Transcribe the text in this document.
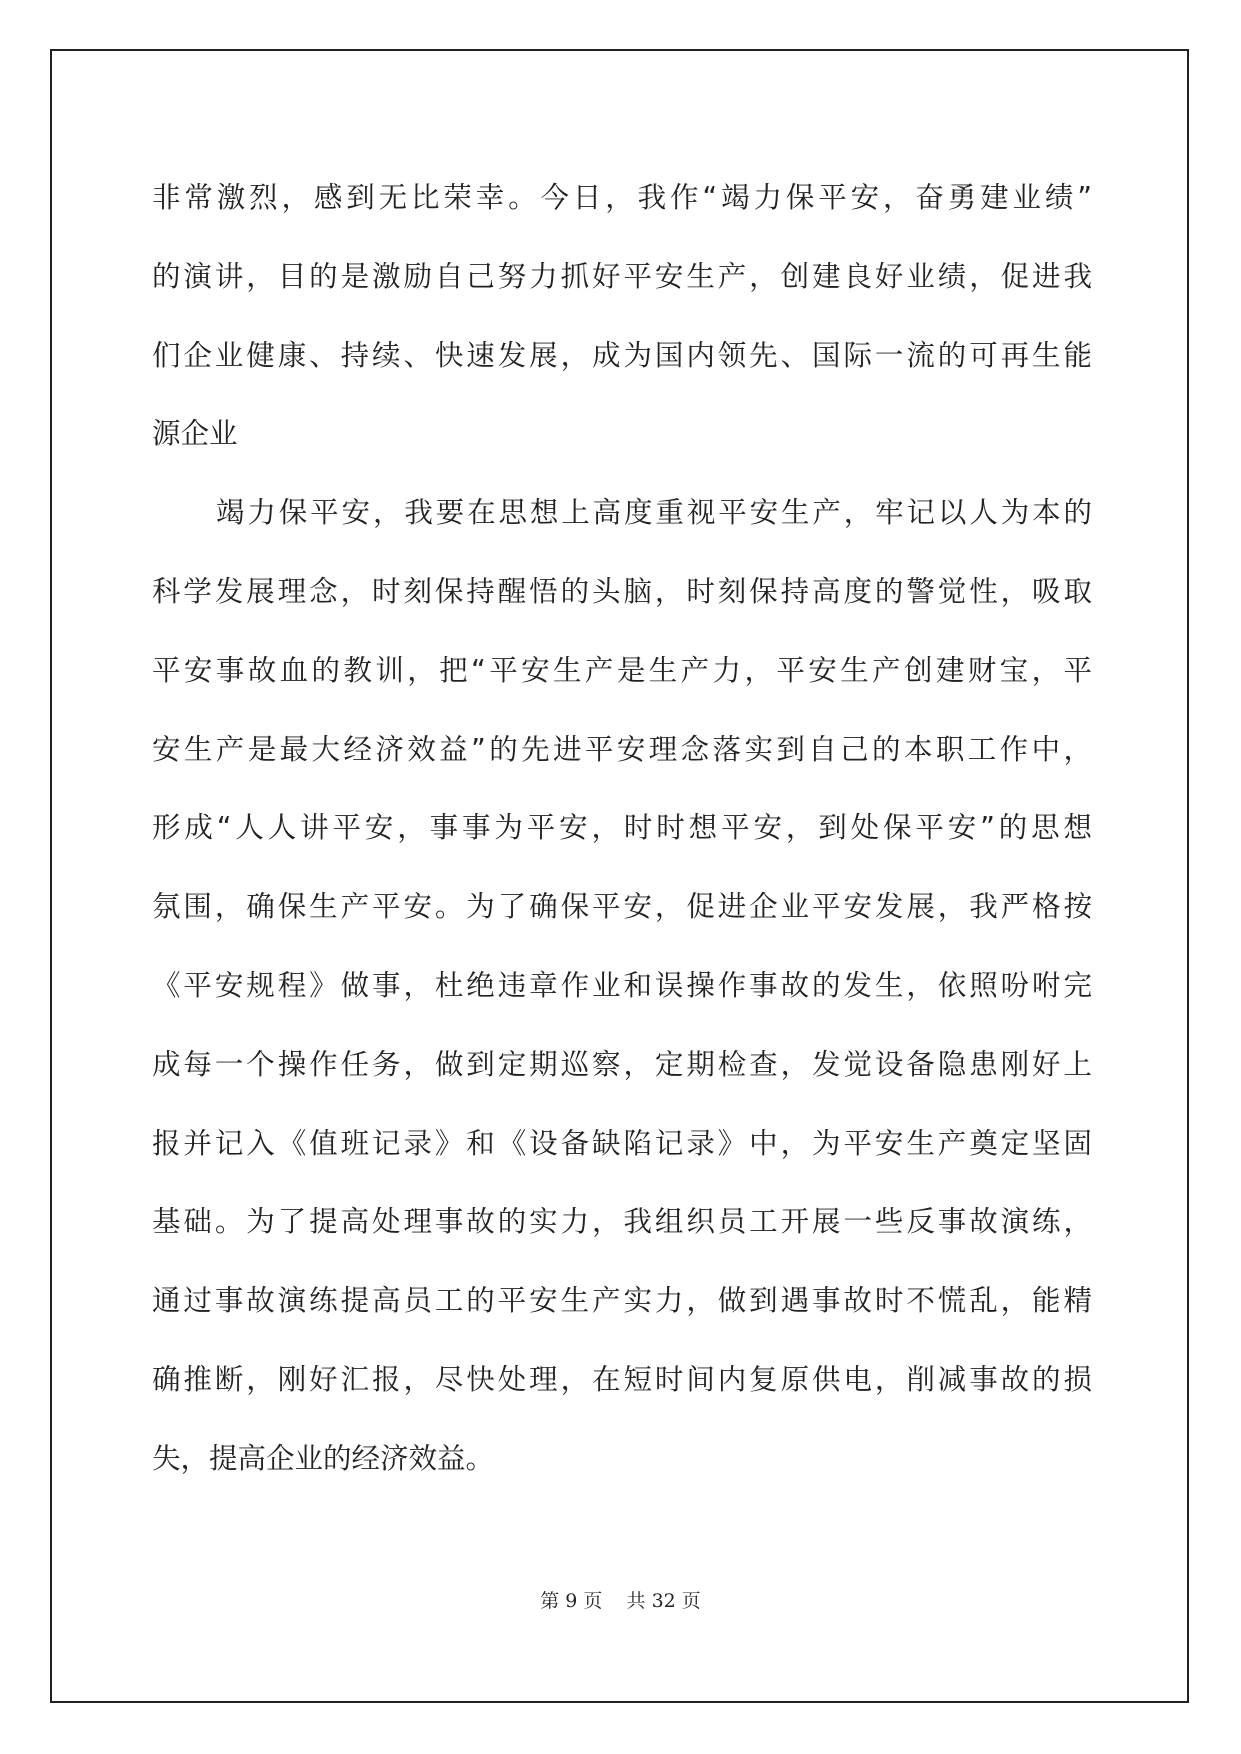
非常激烈，感到无比荣幸。今日，我作“竭力保平安，奋勇建业绩”
的演讲，目的是激励自己努力抓好平安生产，创建良好业绩，促进我
们企业健康、持续、快速发展，成为国内领先、国际一流的可再生能
源企业
竭力保平安，我要在思想上高度重视平安生产，牢记以人为本的
科学发展理念，时刻保持醒悟的头脑，时刻保持高度的警觉性，吸取
平安事故血的教训，把“平安生产是生产力，平安生产创建财宝，平
安生产是最大经济效益”的先进平安理念落实到自己的本职工作中，
形成“人人讲平安，事事为平安，时时想平安，到处保平安”的思想
氛围，确保生产平安。为了确保平安，促进企业平安发展，我严格按
《平安规程》做事，杜绝违章作业和误操作事故的发生，依照吩咐完
成每一个操作任务，做到定期巡察，定期检查，发觉设备隐患刚好上
报并记入《值班记录》和《设备缺陷记录》中，为平安生产奠定坚固
基础。为了提高处理事故的实力，我组织员工开展一些反事故演练，
通过事故演练提高员工的平安生产实力，做到遇事故时不慌乱，能精
确推断，刚好汇报，尽快处理，在短时间内复原供电，削减事故的损
失，提高企业的经济效益。
第 9 页 共 32 页
